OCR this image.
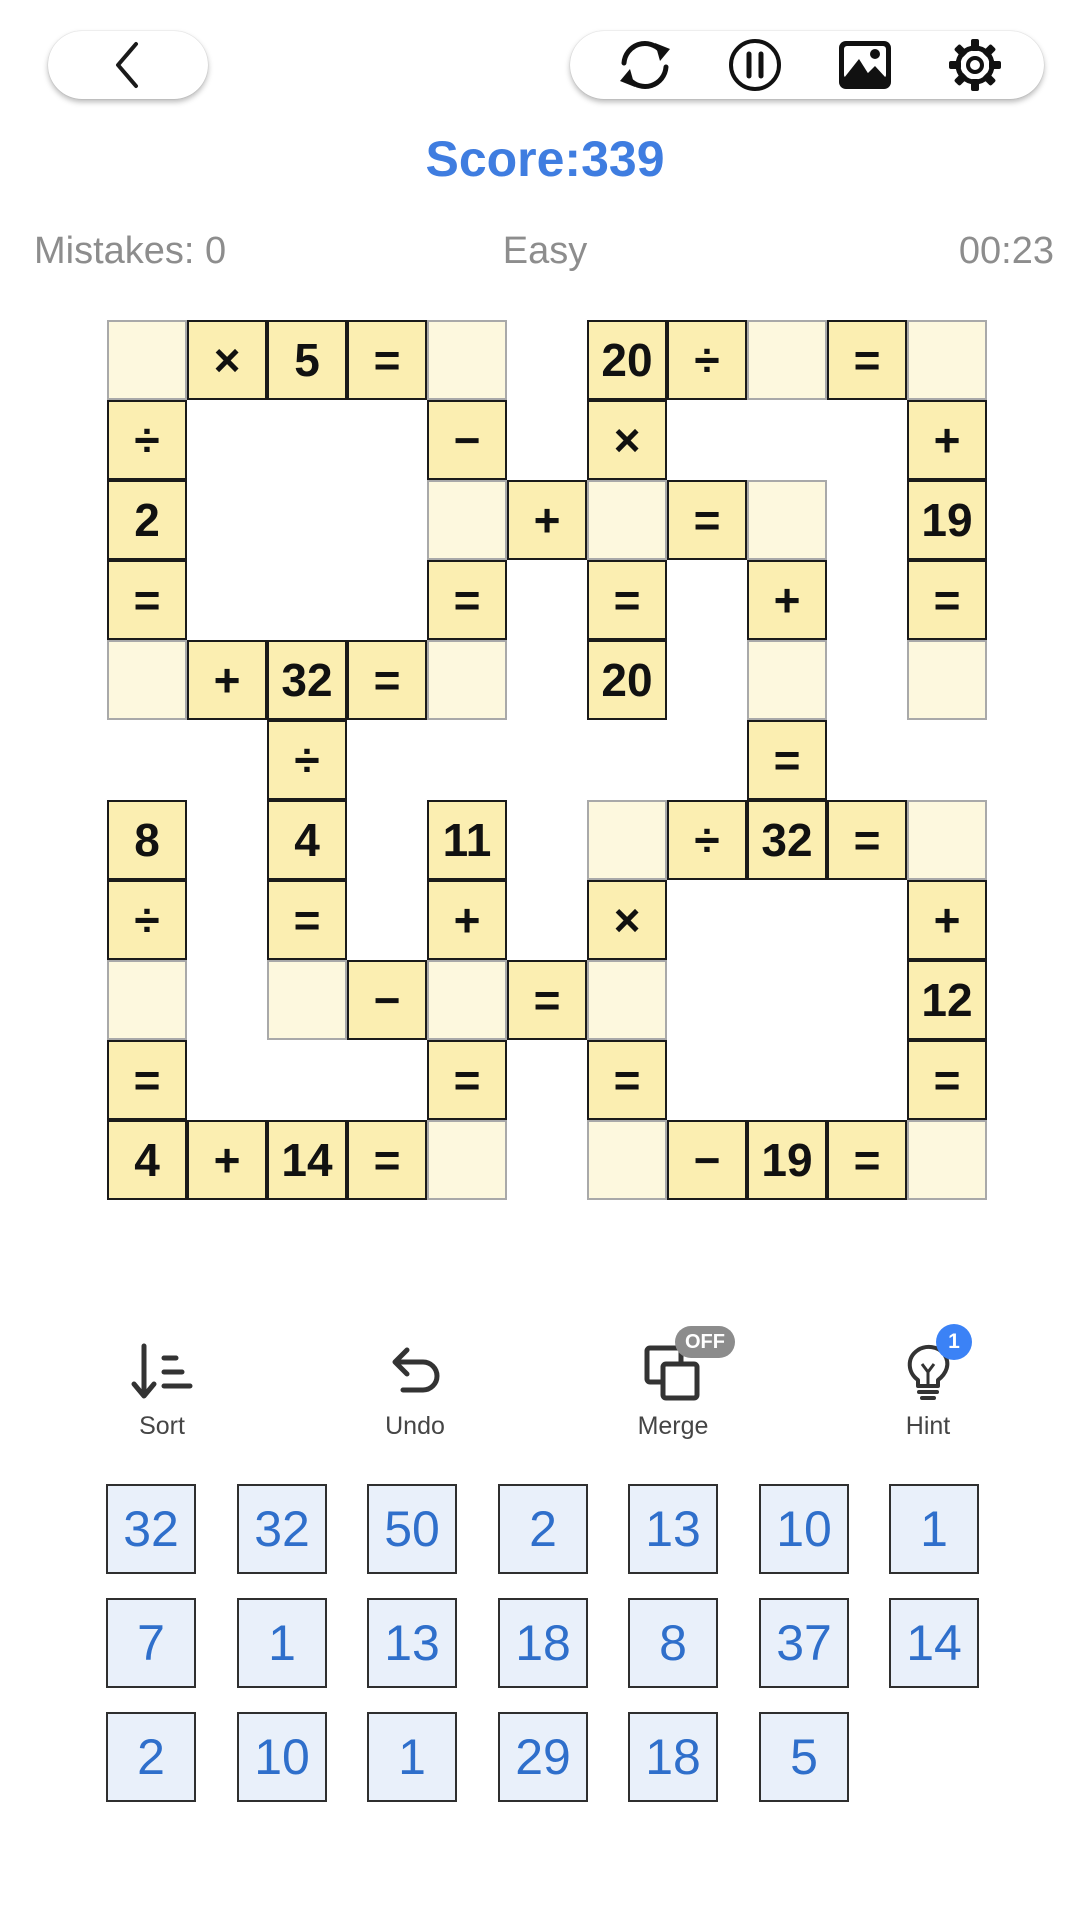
Score:339
Mistakes: 0	Easy	00:23
×	5	=	20 ÷	=
÷	−	×	+
2	+	=	19
=	=	=	+	=
+ 32 =	20
÷	=
8	4	11	÷ 32 =
÷	=	+	×	+
−	=	12
=	=	=	=
4	+ 14 =	− 19 =
Sort	Undo
OFF
Merge
1
Hint
32	32	50	2	13	10	1
7	1	13	18	8	37	14
2	10	1	29	18	5
